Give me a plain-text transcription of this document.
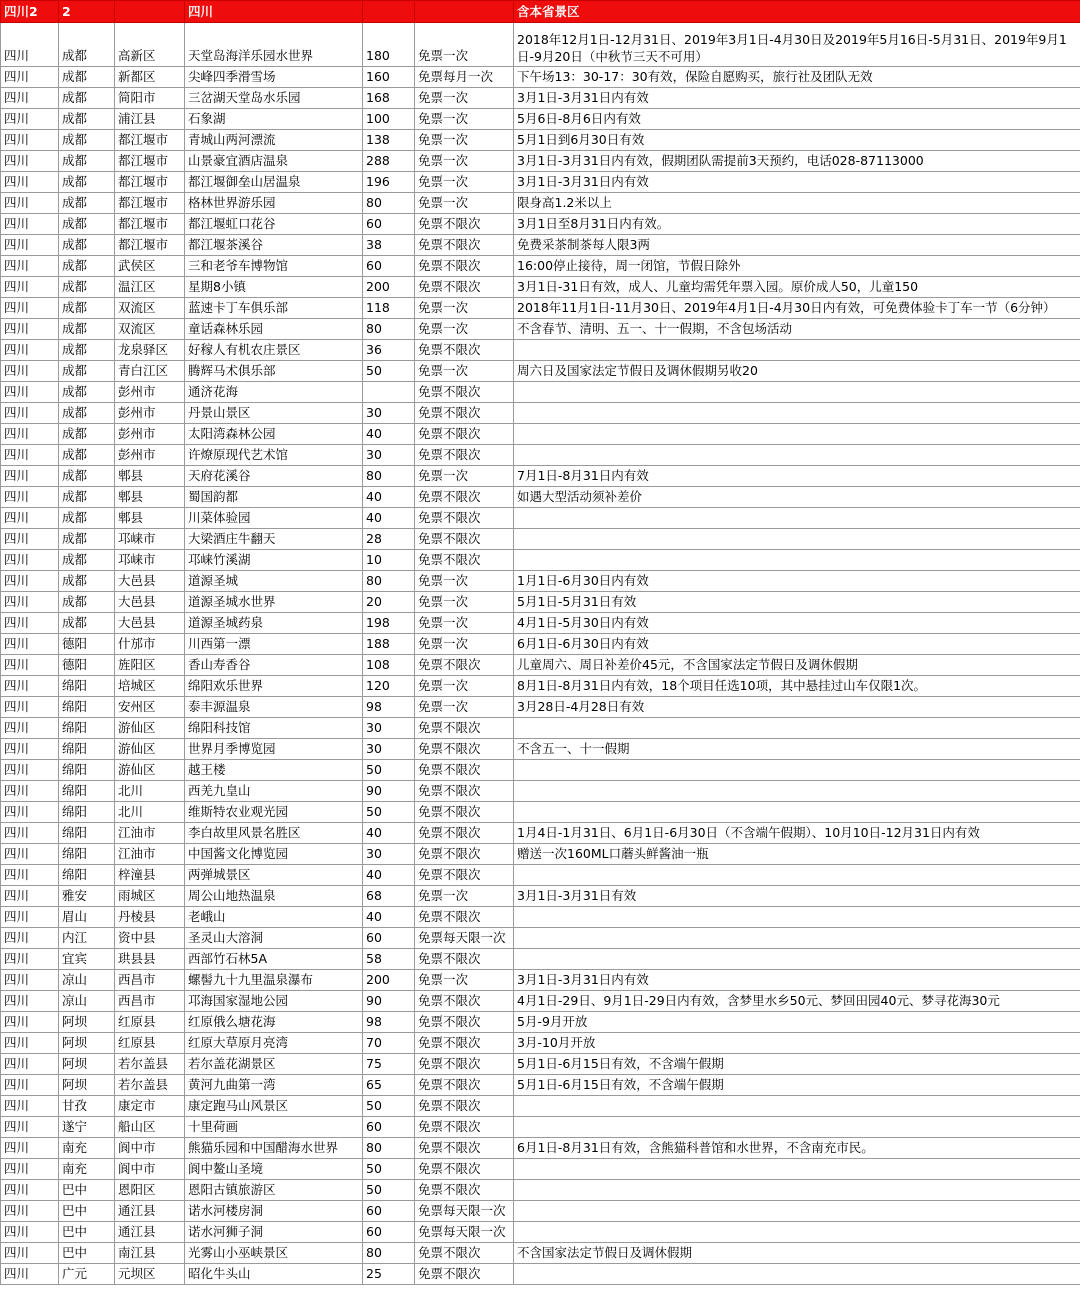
四川2	2		四川			含本省景区
四川	成都	高新区	天堂岛海洋乐园水世界	180	免票一次	2018年12月1日-12月31日、2019年3月1日-4月30日及2019年5月16日-5月31日、2019年9月1日-9月20日（中秋节三天不可用）
四川	成都	新都区	尖峰四季滑雪场	160	免票每月一次	下午场13：30-17：30有效，保险自愿购买，旅行社及团队无效
四川	成都	简阳市	三岔湖天堂岛水乐园	168	免票一次	3月1日-3月31日内有效
四川	成都	浦江县	石象湖	100	免票一次	5月6日-8月6日内有效
四川	成都	都江堰市	青城山两河漂流	138	免票一次	5月1日到6月30日有效
四川	成都	都江堰市	山景豪宜酒店温泉	288	免票一次	3月1日-3月31日内有效，假期团队需提前3天预约，电话028-87113000
四川	成都	都江堰市	都江堰御垒山居温泉	196	免票一次	3月1日-3月31日内有效
四川	成都	都江堰市	格林世界游乐园	80	免票一次	限身高1.2米以上
四川	成都	都江堰市	都江堰虹口花谷	60	免票不限次	3月1日至8月31日内有效。
四川	成都	都江堰市	都江堰茶溪谷	38	免票不限次	免费采茶制茶每人限3两
四川	成都	武侯区	三和老爷车博物馆	60	免票不限次	16:00停止接待，周一闭馆，节假日除外
四川	成都	温江区	星期8小镇	200	免票不限次	3月1日-31日有效，成人、儿童均需凭年票入园。原价成人50，儿童150
四川	成都	双流区	蓝速卡丁车俱乐部	118	免票一次	2018年11月1日-11月30日、2019年4月1日-4月30日内有效，可免费体验卡丁车一节（6分钟）
四川	成都	双流区	童话森林乐园	80	免票一次	不含春节、清明、五一、十一假期，不含包场活动
四川	成都	龙泉驿区	好稼人有机农庄景区	36	免票不限次	
四川	成都	青白江区	腾辉马术俱乐部	50	免票一次	周六日及国家法定节假日及调休假期另收20
四川	成都	彭州市	通济花海		免票不限次	
四川	成都	彭州市	丹景山景区	30	免票不限次	
四川	成都	彭州市	太阳湾森林公园	40	免票不限次	
四川	成都	彭州市	许燎原现代艺术馆	30	免票不限次	
四川	成都	郫县	天府花溪谷	80	免票一次	7月1日-8月31日内有效
四川	成都	郫县	蜀国韵都	40	免票不限次	如遇大型活动须补差价
四川	成都	郫县	川菜体验园	40	免票不限次	
四川	成都	邛崃市	大梁酒庄牛翻天	28	免票不限次	
四川	成都	邛崃市	邛崃竹溪湖	10	免票不限次	
四川	成都	大邑县	道源圣城	80	免票一次	1月1日-6月30日内有效
四川	成都	大邑县	道源圣城水世界	20	免票一次	5月1日-5月31日有效
四川	成都	大邑县	道源圣城药泉	198	免票一次	4月1日-5月30日内有效
四川	德阳	什邡市	川西第一漂	188	免票一次	6月1日-6月30日内有效
四川	德阳	旌阳区	香山寿香谷	108	免票不限次	儿童周六、周日补差价45元，不含国家法定节假日及调休假期
四川	绵阳	培城区	绵阳欢乐世界	120	免票一次	8月1日-8月31日内有效，18个项目任选10项，其中悬挂过山车仅限1次。
四川	绵阳	安州区	泰丰源温泉	98	免票一次	3月28日-4月28日有效
四川	绵阳	游仙区	绵阳科技馆	30	免票不限次	
四川	绵阳	游仙区	世界月季博览园	30	免票不限次	不含五一、十一假期
四川	绵阳	游仙区	越王楼	50	免票不限次	
四川	绵阳	北川	西羌九皇山	90	免票不限次	
四川	绵阳	北川	维斯特农业观光园	50	免票不限次	
四川	绵阳	江油市	李白故里风景名胜区	40	免票不限次	1月4日-1月31日、6月1日-6月30日（不含端午假期）、10月10日-12月31日内有效
四川	绵阳	江油市	中国酱文化博览园	30	免票不限次	赠送一次160ML口蘑头鲜酱油一瓶
四川	绵阳	梓潼县	两弹城景区	40	免票不限次	
四川	雅安	雨城区	周公山地热温泉	68	免票一次	3月1日-3月31日有效
四川	眉山	丹棱县	老峨山	40	免票不限次	
四川	内江	资中县	圣灵山大溶洞	60	免票每天限一次	
四川	宜宾	珙县县	西部竹石林5A	58	免票不限次	
四川	凉山	西昌市	螺髻九十九里温泉瀑布	200	免票一次	3月1日-3月31日内有效
四川	凉山	西昌市	邛海国家湿地公园	90	免票不限次	4月1日-29日、9月1日-29日内有效，含梦里水乡50元、梦回田园40元、梦寻花海30元
四川	阿坝	红原县	红原俄么塘花海	98	免票不限次	5月-9月开放
四川	阿坝	红原县	红原大草原月亮湾	70	免票不限次	3月-10月开放
四川	阿坝	若尔盖县	若尔盖花湖景区	75	免票不限次	5月1日-6月15日有效，不含端午假期
四川	阿坝	若尔盖县	黄河九曲第一湾	65	免票不限次	5月1日-6月15日有效，不含端午假期
四川	甘孜	康定市	康定跑马山风景区	50	免票不限次	
四川	遂宁	船山区	十里荷画	60	免票不限次	
四川	南充	阆中市	熊猫乐园和中国醋海水世界	80	免票不限次	6月1日-8月31日有效，含熊猫科普馆和水世界，不含南充市民。
四川	南充	阆中市	阆中鳌山圣境	50	免票不限次	
四川	巴中	恩阳区	恩阳古镇旅游区	50	免票不限次	
四川	巴中	通江县	诺水河楼房洞	60	免票每天限一次	
四川	巴中	通江县	诺水河狮子洞	60	免票每天限一次	
四川	巴中	南江县	光雾山小巫峡景区	80	免票不限次	不含国家法定节假日及调休假期
四川	广元	元坝区	昭化牛头山	25	免票不限次	
